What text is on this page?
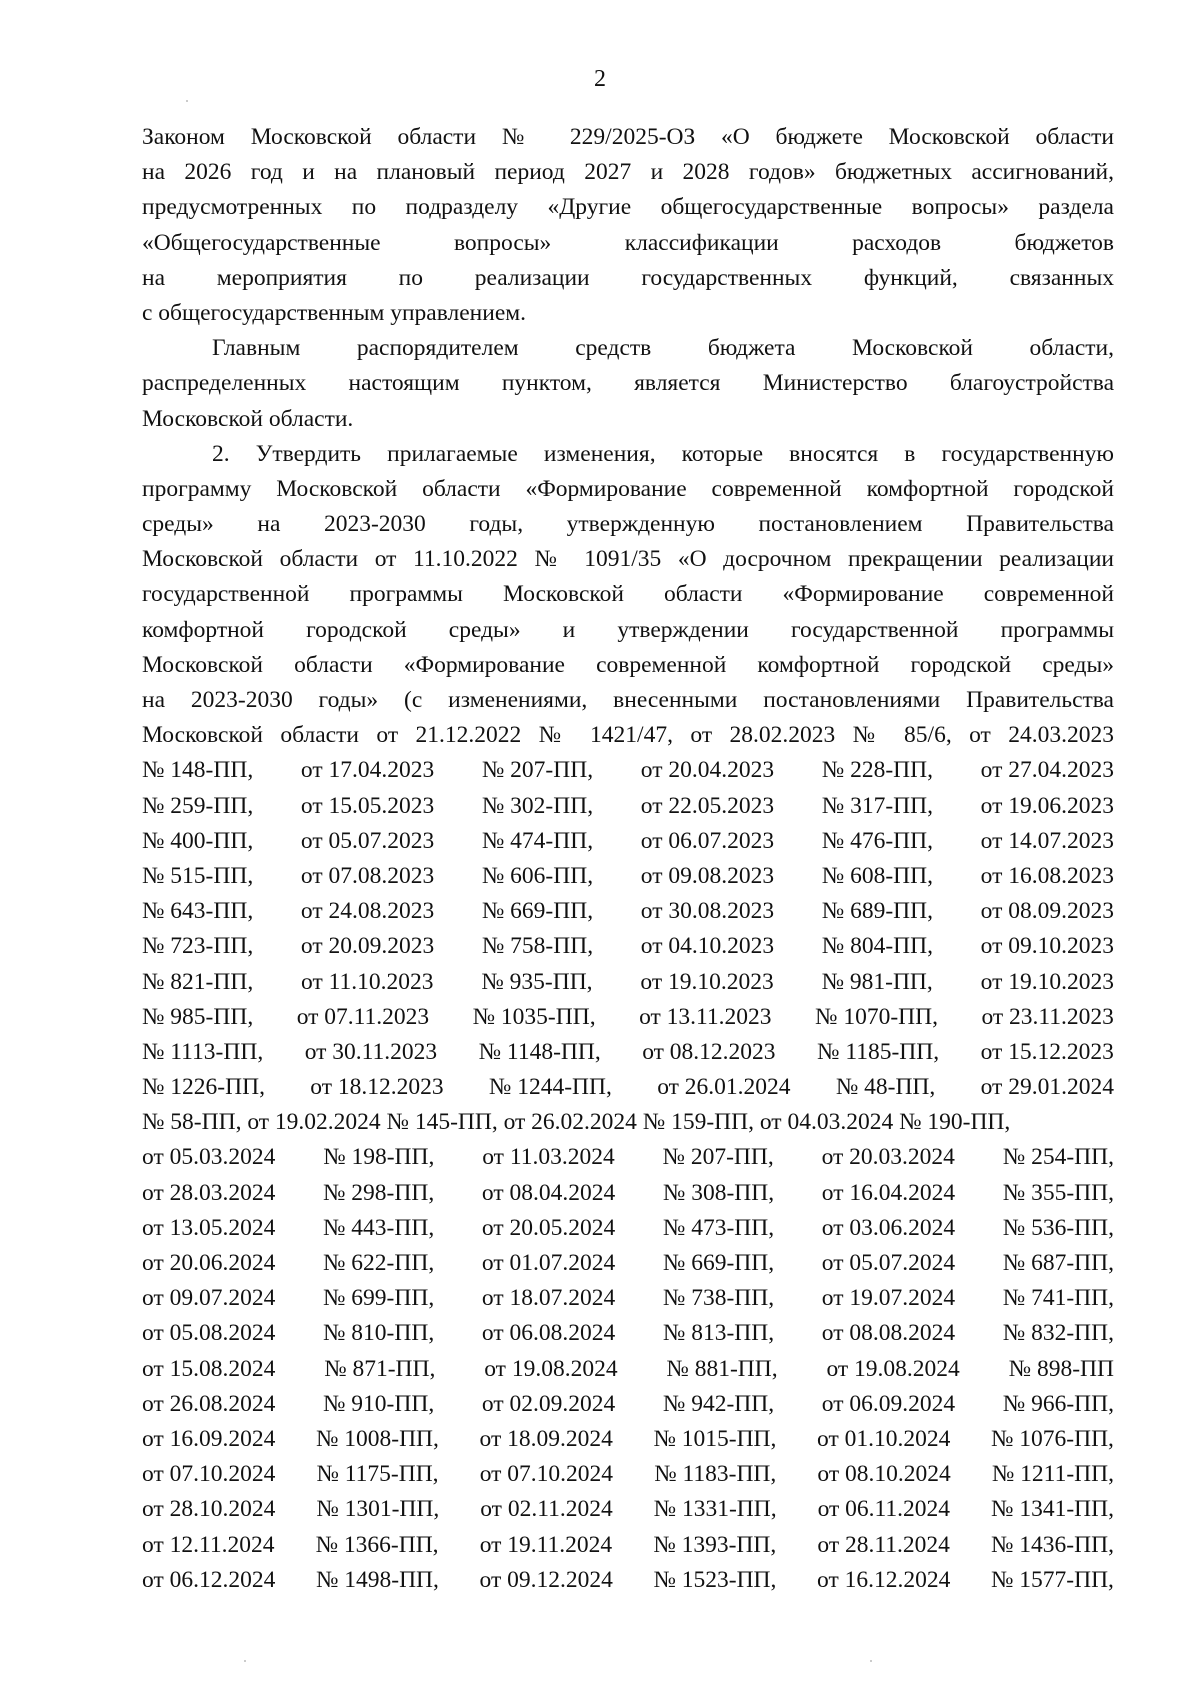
2
Законом Московской области № 229/2025-ОЗ «О бюджете Московской области
на 2026 год и на плановый период 2027 и 2028 годов» бюджетных ассигнований,
предусмотренных по подразделу «Другие общегосударственные вопросы» раздела
«Общегосударственные вопросы» классификации расходов бюджетов
на мероприятия по реализации государственных функций, связанных
с общегосударственным управлением.
Главным распорядителем средств бюджета Московской области,
распределенных настоящим пунктом, является Министерство благоустройства
Московской области.
2. Утвердить прилагаемые изменения, которые вносятся в государственную
программу Московской области «Формирование современной комфортной городской
среды» на 2023-2030 годы, утвержденную постановлением Правительства
Московской области от 11.10.2022 № 1091/35 «О досрочном прекращении реализации
государственной программы Московской области «Формирование современной
комфортной городской среды» и утверждении государственной программы
Московской области «Формирование современной комфортной городской среды»
на 2023-2030 годы» (с изменениями, внесенными постановлениями Правительства
Московской области от 21.12.2022 № 1421/47, от 28.02.2023 № 85/6, от 24.03.2023
№ 148-ПП, от 17.04.2023 № 207-ПП, от 20.04.2023 № 228-ПП, от 27.04.2023
№ 259-ПП, от 15.05.2023 № 302-ПП, от 22.05.2023 № 317-ПП, от 19.06.2023
№ 400-ПП, от 05.07.2023 № 474-ПП, от 06.07.2023 № 476-ПП, от 14.07.2023
№ 515-ПП, от 07.08.2023 № 606-ПП, от 09.08.2023 № 608-ПП, от 16.08.2023
№ 643-ПП, от 24.08.2023 № 669-ПП, от 30.08.2023 № 689-ПП, от 08.09.2023
№ 723-ПП, от 20.09.2023 № 758-ПП, от 04.10.2023 № 804-ПП, от 09.10.2023
№ 821-ПП, от 11.10.2023 № 935-ПП, от 19.10.2023 № 981-ПП, от 19.10.2023
№ 985-ПП, от 07.11.2023 № 1035-ПП, от 13.11.2023 № 1070-ПП, от 23.11.2023
№ 1113-ПП, от 30.11.2023 № 1148-ПП, от 08.12.2023 № 1185-ПП, от 15.12.2023
№ 1226-ПП, от 18.12.2023 № 1244-ПП, от 26.01.2024 № 48-ПП, от 29.01.2024
№ 58-ПП, от 19.02.2024 № 145-ПП, от 26.02.2024 № 159-ПП, от 04.03.2024 № 190-ПП,
от 05.03.2024 № 198-ПП, от 11.03.2024 № 207-ПП, от 20.03.2024 № 254-ПП,
от 28.03.2024 № 298-ПП, от 08.04.2024 № 308-ПП, от 16.04.2024 № 355-ПП,
от 13.05.2024 № 443-ПП, от 20.05.2024 № 473-ПП, от 03.06.2024 № 536-ПП,
от 20.06.2024 № 622-ПП, от 01.07.2024 № 669-ПП, от 05.07.2024 № 687-ПП,
от 09.07.2024 № 699-ПП, от 18.07.2024 № 738-ПП, от 19.07.2024 № 741-ПП,
от 05.08.2024 № 810-ПП, от 06.08.2024 № 813-ПП, от 08.08.2024 № 832-ПП,
от 15.08.2024 № 871-ПП, от 19.08.2024 № 881-ПП, от 19.08.2024 № 898-ПП
от 26.08.2024 № 910-ПП, от 02.09.2024 № 942-ПП, от 06.09.2024 № 966-ПП,
от 16.09.2024 № 1008-ПП, от 18.09.2024 № 1015-ПП, от 01.10.2024 № 1076-ПП,
от 07.10.2024 № 1175-ПП, от 07.10.2024 № 1183-ПП, от 08.10.2024 № 1211-ПП,
от 28.10.2024 № 1301-ПП, от 02.11.2024 № 1331-ПП, от 06.11.2024 № 1341-ПП,
от 12.11.2024 № 1366-ПП, от 19.11.2024 № 1393-ПП, от 28.11.2024 № 1436-ПП,
от 06.12.2024 № 1498-ПП, от 09.12.2024 № 1523-ПП, от 16.12.2024 № 1577-ПП,
